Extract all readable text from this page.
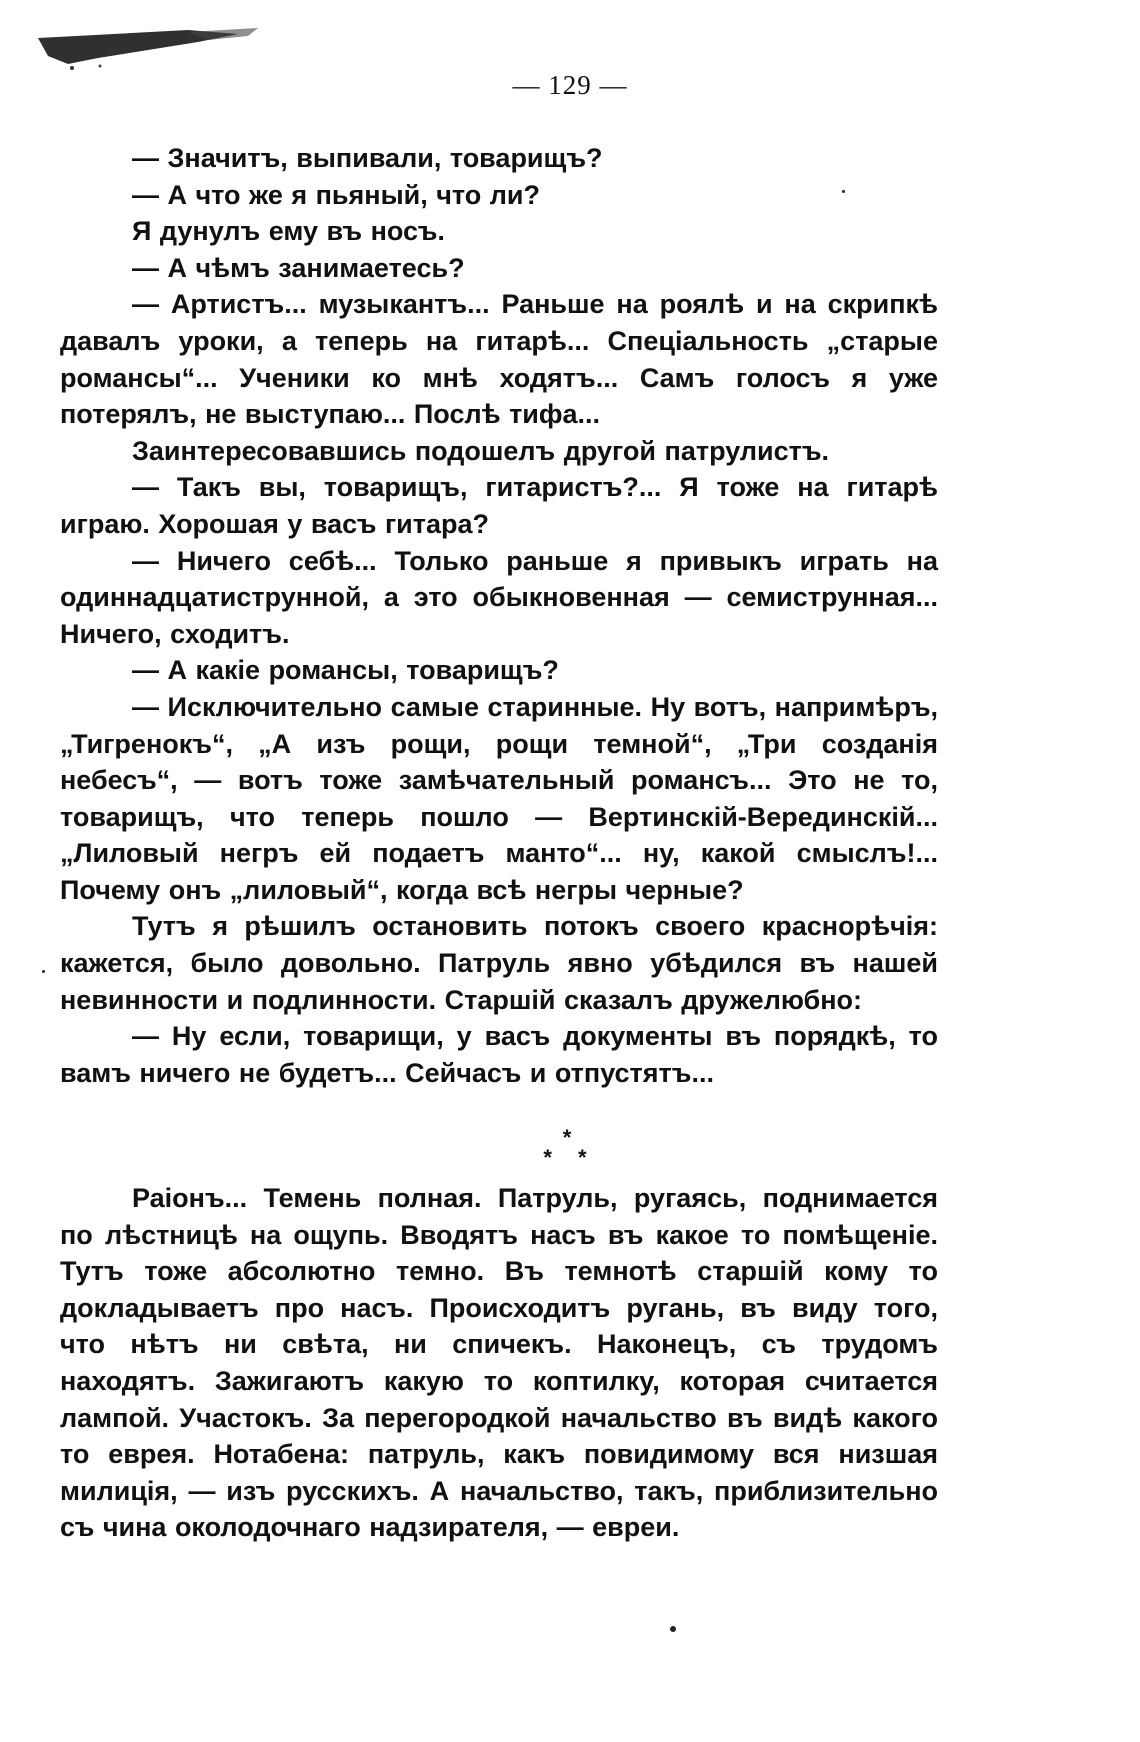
— 129 —

— Значитъ, выпивали, товарищъ?

— А что же я пьяный, что ли?

Я дунулъ ему въ носъ.

— А чѣмъ занимаетесь?

— Артистъ... музыкантъ... Раньше на роялѣ и на скрипкѣ давалъ уроки, а теперь на гитарѣ... Спеціальность „старые романсы“... Ученики ко мнѣ ходятъ... Самъ голосъ я уже потерялъ, не выступаю... Послѣ тифа...

Заинтересовавшись подошелъ другой патрулистъ.

— Такъ вы, товарищъ, гитаристъ?... Я тоже на гитарѣ играю. Хорошая у васъ гитара?

— Ничего себѣ... Только раньше я привыкъ играть на одиннадцатиструнной, а это обыкновенная — семиструнная... Ничего, сходитъ.

— А какіе романсы, товарищъ?

— Исключительно самые старинные. Ну вотъ, напримѣръ, „Тигренокъ“, „А изъ рощи, рощи темной“, „Три созданія небесъ“, — вотъ тоже замѣчательный романсъ... Это не то, товарищъ, что теперь пошло — Вертинскій-Верединскій... „Лиловый негръ ей подаетъ манто“... ну, какой смыслъ!... Почему онъ „лиловый“, когда всѣ негры черные?

Тутъ я рѣшилъ остановить потокъ своего краснорѣчія: кажется, было довольно. Патруль явно убѣдился въ нашей невинности и подлинности. Старшій сказалъ дружелюбно:

— Ну если, товарищи, у васъ документы въ порядкѣ, то вамъ ничего не будетъ... Сейчасъ и отпустятъ...

*
* *

Раіонъ... Темень полная. Патруль, ругаясь, поднимается по лѣстницѣ на ощупь. Вводятъ насъ въ какое то помѣщеніе. Тутъ тоже абсолютно темно. Въ темнотѣ старшій кому то докладываетъ про насъ. Происходитъ ругань, въ виду того, что нѣтъ ни свѣта, ни спичекъ. Наконецъ, съ трудомъ находятъ. Зажигаютъ какую то коптилку, которая считается лампой. Участокъ. За перегородкой начальство въ видѣ какого то еврея. Нотабена: патруль, какъ повидимому вся низшая милиція, — изъ русскихъ. А начальство, такъ, приблизительно съ чина околодочнаго надзирателя, — евреи.
